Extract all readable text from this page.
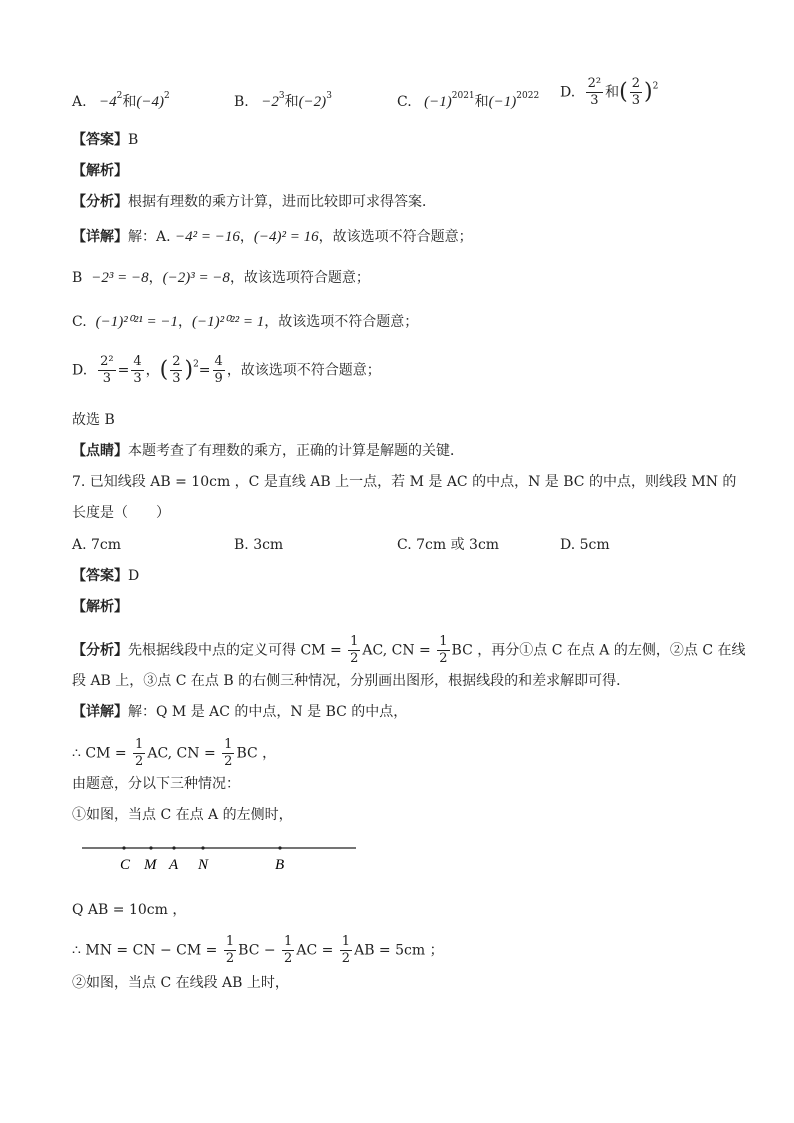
A. $-4^2$和$(-4)^2$	B. $-2^3$和$(-2)^3$	C. $(-1)^{2021}$和$(-1)^{2022}$ D. $\frac{\text{2²}}{3}$ 和( $\frac{2}{3} )^2$
【答案】B
【解析】
【分析】根据有理数的乘方计算，进而比较即可求得答案．
【详解】解：A. −4² = −16，(−4)² = 16，故该选项不符合题意；
B −2³ = −8，(−2)³ = −8，故该选项符合题意；
C. (−1)²⁰²¹ = −1，(−1)²⁰²² = 1，故该选项不符合题意；
D. $\frac{\text{2²}}{3} = \frac{4}{3}$ ，( $\frac{2}{3} )^2= \frac{4}{9}$ ，故该选项不符合题意；
故选 B
【点睛】本题考查了有理数的乘方，正确的计算是解题的关键．
7. 已知线段 AB = 10cm ，C 是直线 AB 上一点，若 M 是 AC 的中点，N 是 BC 的中点，则线段 MN 的
长度是（　　）
A. 7cm	B. 3cm	C. 7cm 或 3cm	D. 5cm
【答案】D
【解析】
【分析】先根据线段中点的定义可得 CM = $\frac{1}{2}$ AC, CN = $\frac{1}{2}$ BC ，再分①点 C 在点 A 的左侧，②点 C 在线
段 AB 上，③点 C 在点 B 的右侧三种情况，分别画出图形，根据线段的和差求解即可得．
【详解】解：Q M 是 AC 的中点，N 是 BC 的中点，
∴ CM = $\frac{1}{2}$ AC, CN = $\frac{1}{2}$ BC ，
由题意，分以下三种情况：
①如图，当点 C 在点 A 的左侧时，
C M A N	B
Q AB = 10cm ，
∴ MN = CN − CM = $\frac{1}{2}$ BC − $\frac{1}{2}$ AC = $\frac{1}{2}$ AB = 5cm ；
②如图，当点 C 在线段 AB 上时，
